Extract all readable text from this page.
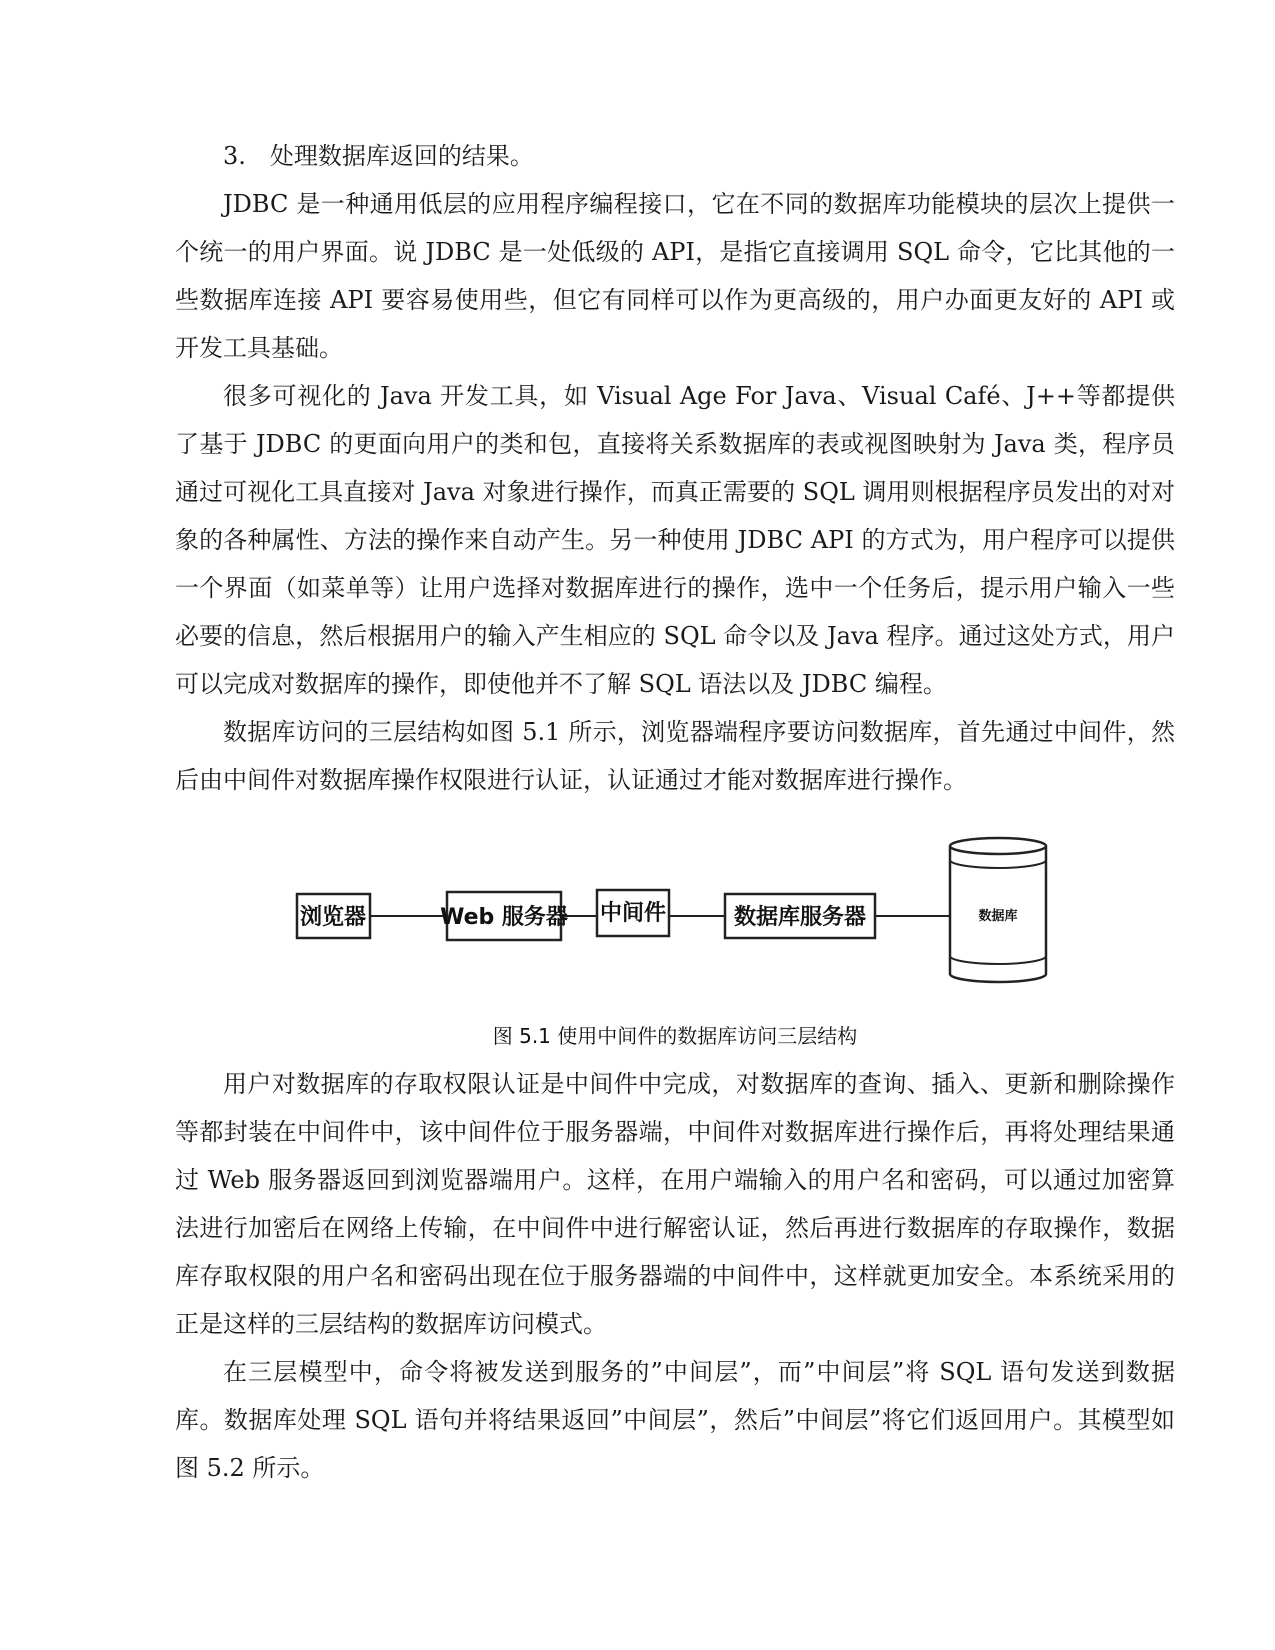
3.　处理数据库返回的结果。

JDBC 是一种通用低层的应用程序编程接口，它在不同的数据库功能模块的层次上提供一个统一的用户界面。说 JDBC 是一处低级的 API，是指它直接调用 SQL 命令，它比其他的一些数据库连接 API 要容易使用些，但它有同样可以作为更高级的，用户办面更友好的 API 或开发工具基础。

很多可视化的 Java 开发工具，如 Visual Age For Java、Visual Café、J++等都提供了基于 JDBC 的更面向用户的类和包，直接将关系数据库的表或视图映射为 Java 类，程序员通过可视化工具直接对 Java 对象进行操作，而真正需要的 SQL 调用则根据程序员发出的对对象的各种属性、方法的操作来自动产生。另一种使用 JDBC API 的方式为，用户程序可以提供一个界面（如菜单等）让用户选择对数据库进行的操作，选中一个任务后，提示用户输入一些必要的信息，然后根据用户的输入产生相应的 SQL 命令以及 Java 程序。通过这处方式，用户可以完成对数据库的操作，即使他并不了解 SQL 语法以及 JDBC 编程。

数据库访问的三层结构如图 5.1 所示，浏览器端程序要访问数据库，首先通过中间件，然后由中间件对数据库操作权限进行认证，认证通过才能对数据库进行操作。

浏览器	Web 服务器 中间件	数据库服务器	数据库

图 5.1 使用中间件的数据库访问三层结构

用户对数据库的存取权限认证是中间件中完成，对数据库的查询、插入、更新和删除操作等都封装在中间件中，该中间件位于服务器端，中间件对数据库进行操作后，再将处理结果通过 Web 服务器返回到浏览器端用户。这样，在用户端输入的用户名和密码，可以通过加密算法进行加密后在网络上传输，在中间件中进行解密认证，然后再进行数据库的存取操作，数据库存取权限的用户名和密码出现在位于服务器端的中间件中，这样就更加安全。本系统采用的正是这样的三层结构的数据库访问模式。

在三层模型中，命令将被发送到服务的”中间层”，而”中间层”将 SQL 语句发送到数据库。数据库处理 SQL 语句并将结果返回”中间层”，然后”中间层”将它们返回用户。其模型如图 5.2 所示。
